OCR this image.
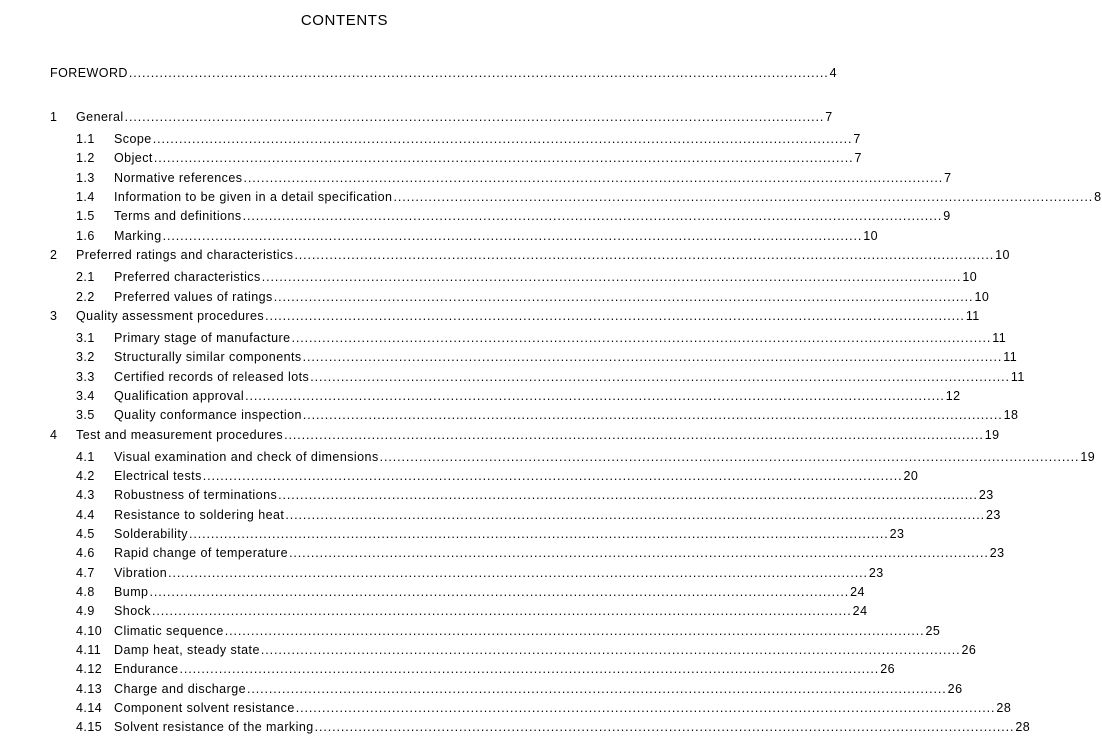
CONTENTS
FOREWORD ................................................................................................................................................................ 4
1 General ................................................................................................................................................................ 7
1.1 Scope ................................................................................................................................................................ 7
1.2 Object ................................................................................................................................................................ 7
1.3 Normative references ................................................................................................................................................................ 7
1.4 Information to be given in a detail specification ................................................................................................................................................................ 8
1.5 Terms and definitions ................................................................................................................................................................ 9
1.6 Marking ................................................................................................................................................................ 10
2 Preferred ratings and characteristics ................................................................................................................................................................ 10
2.1 Preferred characteristics ................................................................................................................................................................ 10
2.2 Preferred values of ratings ................................................................................................................................................................ 10
3 Quality assessment procedures ................................................................................................................................................................ 11
3.1 Primary stage of manufacture ................................................................................................................................................................ 11
3.2 Structurally similar components ................................................................................................................................................................ 11
3.3 Certified records of released lots ................................................................................................................................................................ 11
3.4 Qualification approval ................................................................................................................................................................ 12
3.5 Quality conformance inspection ................................................................................................................................................................ 18
4 Test and measurement procedures ................................................................................................................................................................ 19
4.1 Visual examination and check of dimensions ................................................................................................................................................................ 19
4.2 Electrical tests ................................................................................................................................................................ 20
4.3 Robustness of terminations ................................................................................................................................................................ 23
4.4 Resistance to soldering heat ................................................................................................................................................................ 23
4.5 Solderability ................................................................................................................................................................ 23
4.6 Rapid change of temperature ................................................................................................................................................................ 23
4.7 Vibration ................................................................................................................................................................ 23
4.8 Bump ................................................................................................................................................................ 24
4.9 Shock ................................................................................................................................................................ 24
4.10 Climatic sequence ................................................................................................................................................................ 25
4.11 Damp heat, steady state ................................................................................................................................................................ 26
4.12 Endurance ................................................................................................................................................................ 26
4.13 Charge and discharge ................................................................................................................................................................ 26
4.14 Component solvent resistance ................................................................................................................................................................ 28
4.15 Solvent resistance of the marking ................................................................................................................................................................ 28
